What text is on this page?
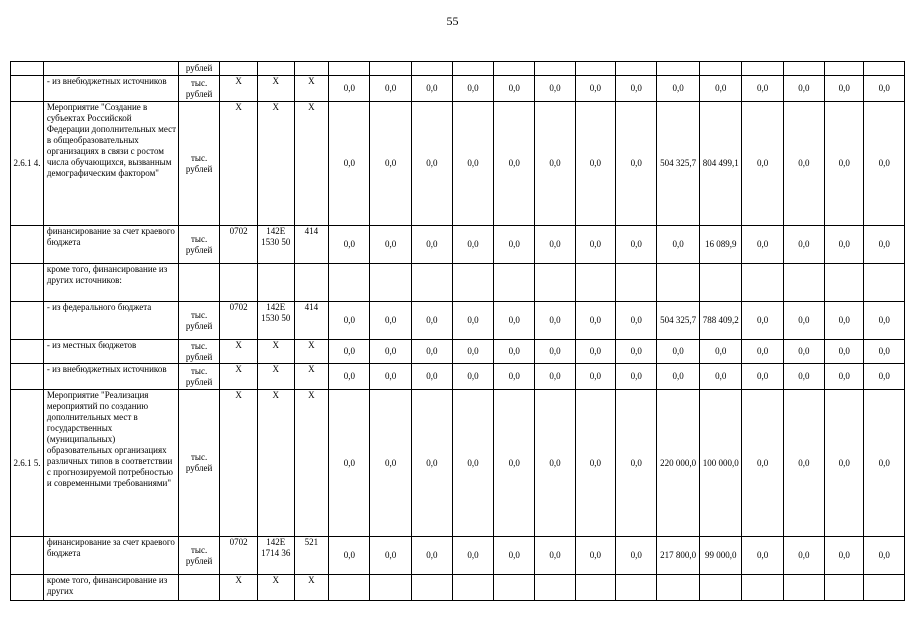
55
		рублей																	
	- из внебюджетных источников	тыс. рублей	X	X	X	0,0	0,0	0,0	0,0	0,0	0,0	0,0	0,0	0,0	0,0	0,0	0,0	0,0	0,0
2.6.1 4.	Мероприятие "Создание в субъектах Российской Федерации дополнительных мест в общеобразовательных организациях в связи с ростом числа обучающихся, вызванным демографическим фактором"	тыс. рублей	X	X	X	0,0	0,0	0,0	0,0	0,0	0,0	0,0	0,0	504 325,7	804 499,1	0,0	0,0	0,0	0,0
	финансирование за счет краевого бюджета	тыс. рублей	0702	142Е 1530 50	414	0,0	0,0	0,0	0,0	0,0	0,0	0,0	0,0	0,0	16 089,9	0,0	0,0	0,0	0,0
	кроме того, финансирование из других источников:																		
	- из федерального бюджета	тыс. рублей	0702	142Е 1530 50	414	0,0	0,0	0,0	0,0	0,0	0,0	0,0	0,0	504 325,7	788 409,2	0,0	0,0	0,0	0,0
	- из местных бюджетов	тыс. рублей	X	X	X	0,0	0,0	0,0	0,0	0,0	0,0	0,0	0,0	0,0	0,0	0,0	0,0	0,0	0,0
	- из внебюджетных источников	тыс. рублей	X	X	X	0,0	0,0	0,0	0,0	0,0	0,0	0,0	0,0	0,0	0,0	0,0	0,0	0,0	0,0
2.6.1 5.	Мероприятие "Реализация мероприятий по созданию дополнительных мест в государственных (муниципальных) образовательных организациях различных типов в соответствии с прогнозируемой потребностью и современными требованиями"	тыс. рублей	X	X	X	0,0	0,0	0,0	0,0	0,0	0,0	0,0	0,0	220 000,0	100 000,0	0,0	0,0	0,0	0,0
	финансирование за счет краевого бюджета	тыс. рублей	0702	142Е 1714 36	521	0,0	0,0	0,0	0,0	0,0	0,0	0,0	0,0	217 800,0	99 000,0	0,0	0,0	0,0	0,0
	кроме того, финансирование из других		X	X	X														
